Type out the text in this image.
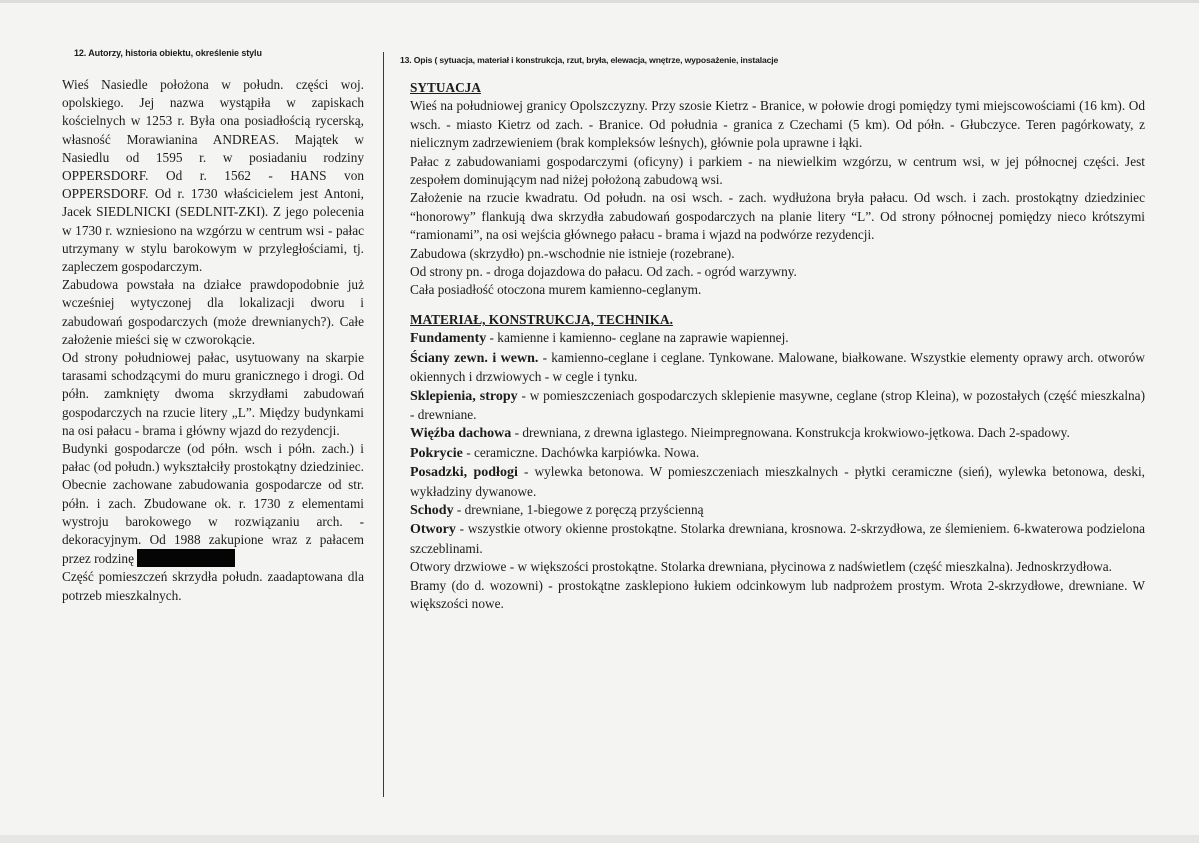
12. Autorzy, historia obiektu, określenie stylu

Wieś Nasiedle położona w połudn. części woj. opolskiego. Jej nazwa wystąpiła w zapiskach kościelnych w 1253 r. Była ona posiadłością rycerską, własność Morawianina ANDREAS. Majątek w Nasiedlu od 1595 r. w posiadaniu rodziny OPPERSDORF. Od r. 1562 - HANS von OPPERSDORF. Od r. 1730 właścicielem jest Antoni, Jacek SIEDLNICKI (SEDLNIT-ZKI). Z jego polecenia w 1730 r. wzniesiono na wzgórzu w centrum wsi - pałac utrzymany w stylu barokowym w przyległościami, tj. zapleczem gospodarczym.

Zabudowa powstała na działce prawdopodobnie już wcześniej wytyczonej dla lokalizacji dworu i zabudowań gospodarczych (może drewnianych?). Całe założenie mieści się w czworokącie.

Od strony południowej pałac, usytuowany na skarpie tarasami schodzącymi do muru granicznego i drogi. Od półn. zamknięty dwoma skrzydłami zabudowań gospodarczych na rzucie litery „L”. Między budynkami na osi pałacu - brama i główny wjazd do rezydencji.

Budynki gospodarcze (od półn. wsch i półn. zach.) i pałac (od połudn.) wykształciły prostokątny dziedziniec. Obecnie zachowane zabudowania gospodarcze od str. półn. i zach. Zbudowane ok. r. 1730 z elementami wystroju barokowego w rozwiązaniu arch. - dekoracyjnym. Od 1988 zakupione wraz z pałacem przez rodzinę

Część pomieszczeń skrzydła połudn. zaadaptowana dla potrzeb mieszkalnych.

13. Opis ( sytuacja, materiał i konstrukcja, rzut, bryła, elewacja, wnętrze, wyposażenie, instalacje

SYTUACJA

Wieś na południowej granicy Opolszczyzny. Przy szosie Kietrz - Branice, w połowie drogi pomiędzy tymi miejscowościami (16 km). Od wsch. - miasto Kietrz od zach. - Branice. Od południa - granica z Czechami (5 km). Od półn. - Głubczyce. Teren pagórkowaty, z nielicznym zadrzewieniem (brak kompleksów leśnych), głównie pola uprawne i łąki.

Pałac z zabudowaniami gospodarczymi (oficyny) i parkiem - na niewielkim wzgórzu, w centrum wsi, w jej północnej części. Jest zespołem dominującym nad niżej położoną zabudową wsi.

Założenie na rzucie kwadratu. Od połudn. na osi wsch. - zach. wydłużona bryła pałacu. Od wsch. i zach. prostokątny dziedziniec “honorowy” flankują dwa skrzydła zabudowań gospodarczych na planie litery “L”. Od strony północnej pomiędzy nieco krótszymi “ramionami”, na osi wejścia głównego pałacu - brama i wjazd na podwórze rezydencji.

Zabudowa (skrzydło) pn.-wschodnie nie istnieje (rozebrane).

Od strony pn. - droga dojazdowa do pałacu. Od zach. - ogród warzywny.

Cała posiadłość otoczona murem kamienno-ceglanym.

MATERIAŁ, KONSTRUKCJA, TECHNIKA.

Fundamenty - kamienne i kamienno- ceglane na zaprawie wapiennej.

Ściany zewn. i wewn. - kamienno-ceglane i ceglane. Tynkowane. Malowane, białkowane. Wszystkie elementy oprawy arch. otworów okiennych i drzwiowych - w cegle i tynku.

Sklepienia, stropy - w pomieszczeniach gospodarczych sklepienie masywne, ceglane (strop Kleina), w pozostałych (część mieszkalna) - drewniane.

Więźba dachowa - drewniana, z drewna iglastego. Nieimpregnowana. Konstrukcja krokwiowo-jętkowa. Dach 2-spadowy.

Pokrycie - ceramiczne. Dachówka karpiówka. Nowa.

Posadzki, podłogi - wylewka betonowa. W pomieszczeniach mieszkalnych - płytki ceramiczne (sień), wylewka betonowa, deski, wykładziny dywanowe.

Schody - drewniane, 1-biegowe z poręczą przyścienną

Otwory - wszystkie otwory okienne prostokątne. Stolarka drewniana, krosnowa. 2-skrzydłowa, ze ślemieniem. 6-kwaterowa podzielona szczeblinami.

Otwory drzwiowe - w większości prostokątne. Stolarka drewniana, płycinowa z nadświetlem (część mieszkalna). Jednoskrzydłowa.

Bramy (do d. wozowni) - prostokątne zasklepiono łukiem odcinkowym lub nadprożem prostym. Wrota 2-skrzydłowe, drewniane. W większości nowe.
